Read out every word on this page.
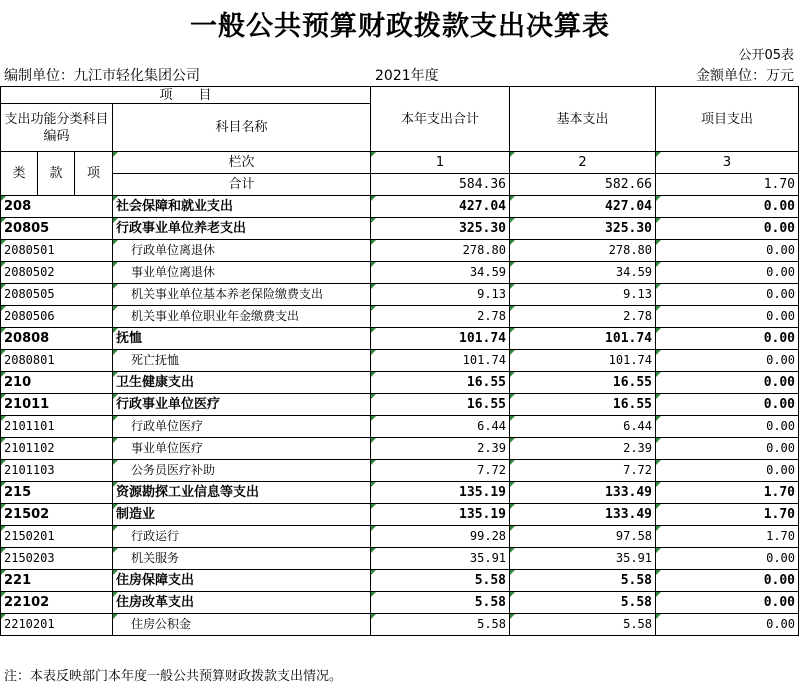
一般公共预算财政拨款支出决算表
公开05表
编制单位：九江市轻化集团公司	2021年度	金额单位：万元
项　　目				本年支出合计	基本支出	项目支出
支出功能分类科目编码			科目名称			
类	款	项				
			栏次	1	2	3
			合计	584.36	582.66	1.70
208			社会保障和就业支出	427.04	427.04	0.00
20805			行政事业单位养老支出	325.30	325.30	0.00
2080501			行政单位离退休	278.80	278.80	0.00
2080502			事业单位离退休	34.59	34.59	0.00
2080505			机关事业单位基本养老保险缴费支出	9.13	9.13	0.00
2080506			机关事业单位职业年金缴费支出	2.78	2.78	0.00
20808			抚恤	101.74	101.74	0.00
2080801			死亡抚恤	101.74	101.74	0.00
210			卫生健康支出	16.55	16.55	0.00
21011			行政事业单位医疗	16.55	16.55	0.00
2101101			行政单位医疗	6.44	6.44	0.00
2101102			事业单位医疗	2.39	2.39	0.00
2101103			公务员医疗补助	7.72	7.72	0.00
215			资源勘探工业信息等支出	135.19	133.49	1.70
21502			制造业	135.19	133.49	1.70
2150201			行政运行	99.28	97.58	1.70
2150203			机关服务	35.91	35.91	0.00
221			住房保障支出	5.58	5.58	0.00
22102			住房改革支出	5.58	5.58	0.00
2210201			住房公积金	5.58	5.58	0.00
注：本表反映部门本年度一般公共预算财政拨款支出情况。
